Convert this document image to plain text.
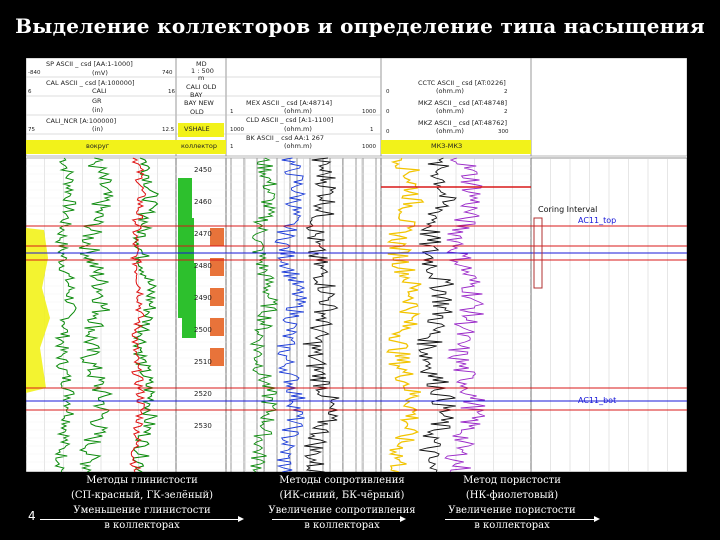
Выделение коллекторов и определение типа насыщения
SP ASCII _ csd [AA:1-1000]
-840	(mV)	740
CAL ASCII _ csd [A:100000]
6	CALI	16
GR
(in)
CALI_NCR [A:100000]
75	(in)	12.5
вокруг
MD
1 : 500
m
CALI OLD
BAY
BAY NEW
OLD
VSHALE
коллектор
MEX ASCII _ csd [A:48714]
1	(ohm.m)	1000
CLD ASCII _ csd [A:1-1100]
1000	(ohm.m)	1
BK ASCII _ csd AA:1 267
1	(ohm.m)	1000
CCTC ASCII _ csd [AT:0226]
0	(ohm.m)	2
MKZ ASCII _ csd [AT:48748]
0	(ohm.m)	2
MKZ ASCII _ csd [AT:48762]
0	(ohm.m)	300
МКЗ-МКЗ
2450
2460
2470
2480
2490
2500
2510
2520
2530
Coring Interval
AC11_top
AC11_bot
Методы глинистости
(СП-красный, ГК-зелёный)
Уменьшение глинистости
в коллекторах
Методы сопротивления
(ИК-синий, БК-чёрный)
Увеличение сопротивления
в коллекторах
Метод пористости
(НК-фиолетовый)
Увеличение пористости
в коллекторах
4
